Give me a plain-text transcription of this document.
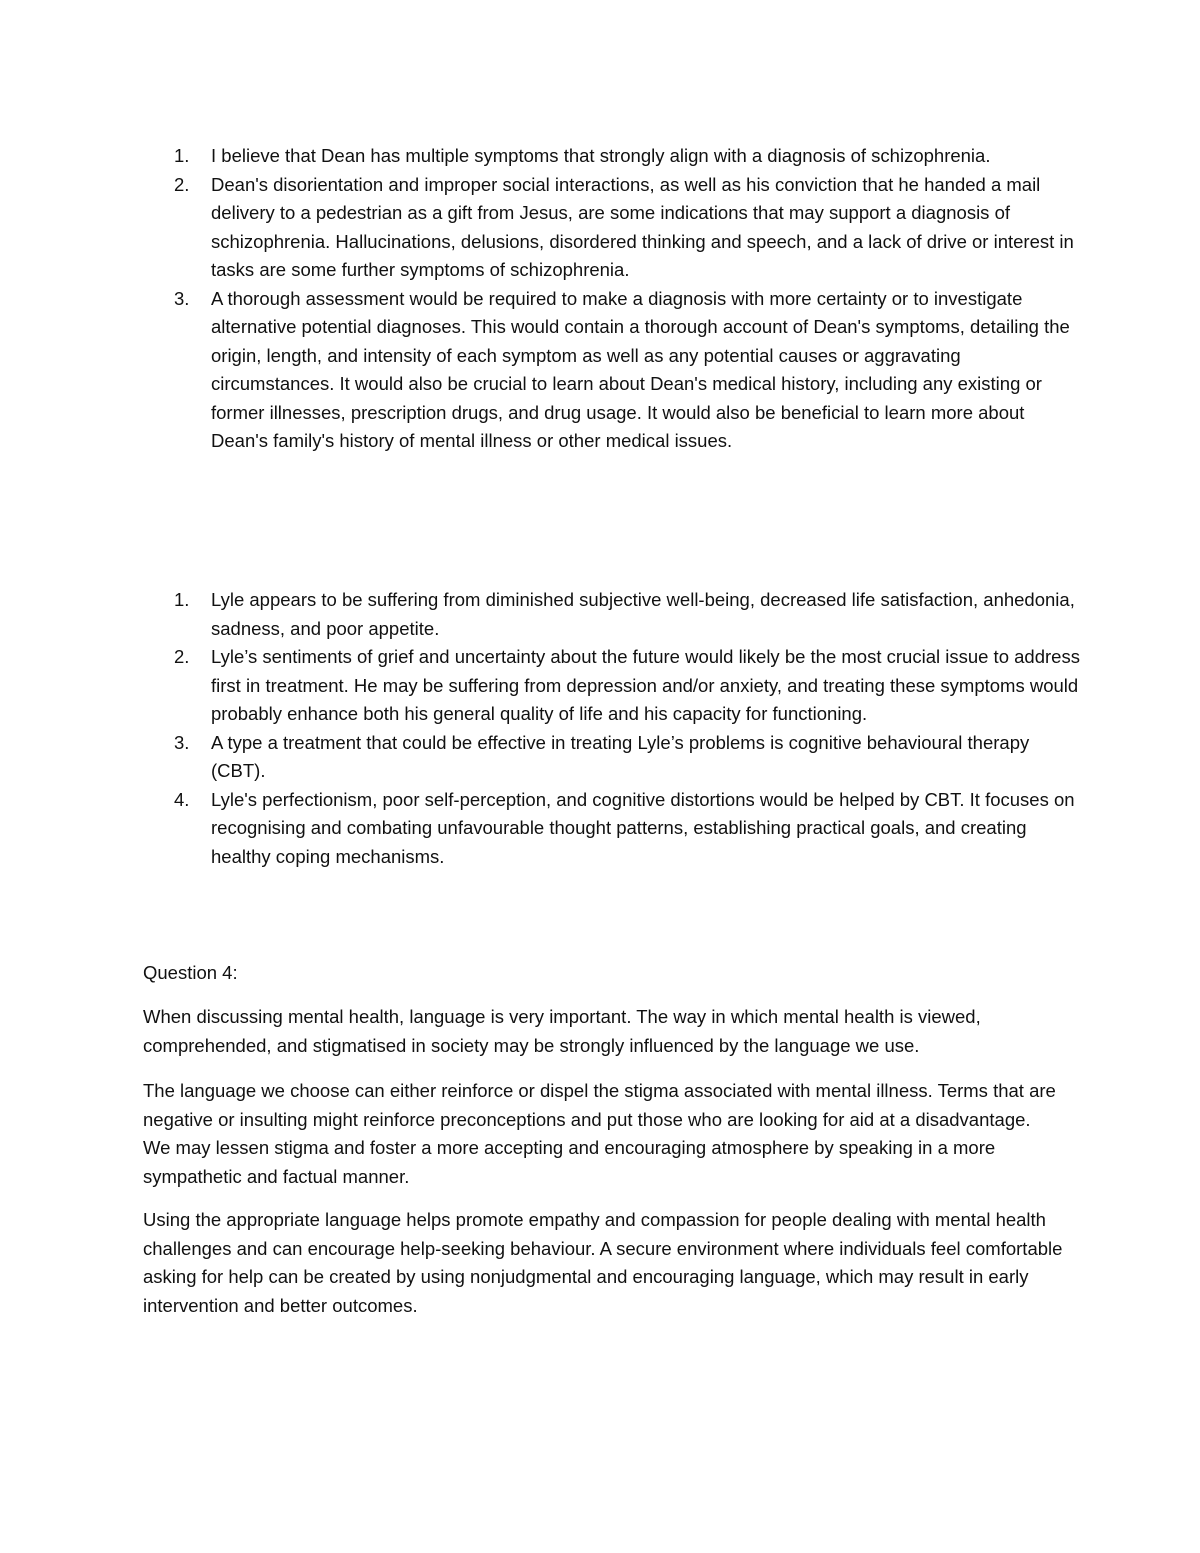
1. I believe that Dean has multiple symptoms that strongly align with a diagnosis of schizophrenia.
2. Dean's disorientation and improper social interactions, as well as his conviction that he handed a mail delivery to a pedestrian as a gift from Jesus, are some indications that may support a diagnosis of schizophrenia. Hallucinations, delusions, disordered thinking and speech, and a lack of drive or interest in tasks are some further symptoms of schizophrenia.
3. A thorough assessment would be required to make a diagnosis with more certainty or to investigate alternative potential diagnoses. This would contain a thorough account of Dean's symptoms, detailing the origin, length, and intensity of each symptom as well as any potential causes or aggravating circumstances. It would also be crucial to learn about Dean's medical history, including any existing or former illnesses, prescription drugs, and drug usage. It would also be beneficial to learn more about Dean's family's history of mental illness or other medical issues.
1. Lyle appears to be suffering from diminished subjective well-being, decreased life satisfaction, anhedonia, sadness, and poor appetite.
2. Lyle’s sentiments of grief and uncertainty about the future would likely be the most crucial issue to address first in treatment. He may be suffering from depression and/or anxiety, and treating these symptoms would probably enhance both his general quality of life and his capacity for functioning.
3. A type a treatment that could be effective in treating Lyle’s problems is cognitive behavioural therapy (CBT).
4. Lyle's perfectionism, poor self-perception, and cognitive distortions would be helped by CBT. It focuses on recognising and combating unfavourable thought patterns, establishing practical goals, and creating healthy coping mechanisms.

Question 4:

When discussing mental health, language is very important. The way in which mental health is viewed, comprehended, and stigmatised in society may be strongly influenced by the language we use.

The language we choose can either reinforce or dispel the stigma associated with mental illness. Terms that are negative or insulting might reinforce preconceptions and put those who are looking for aid at a disadvantage. We may lessen stigma and foster a more accepting and encouraging atmosphere by speaking in a more sympathetic and factual manner.

Using the appropriate language helps promote empathy and compassion for people dealing with mental health challenges and can encourage help-seeking behaviour. A secure environment where individuals feel comfortable asking for help can be created by using nonjudgmental and encouraging language, which may result in early intervention and better outcomes.
